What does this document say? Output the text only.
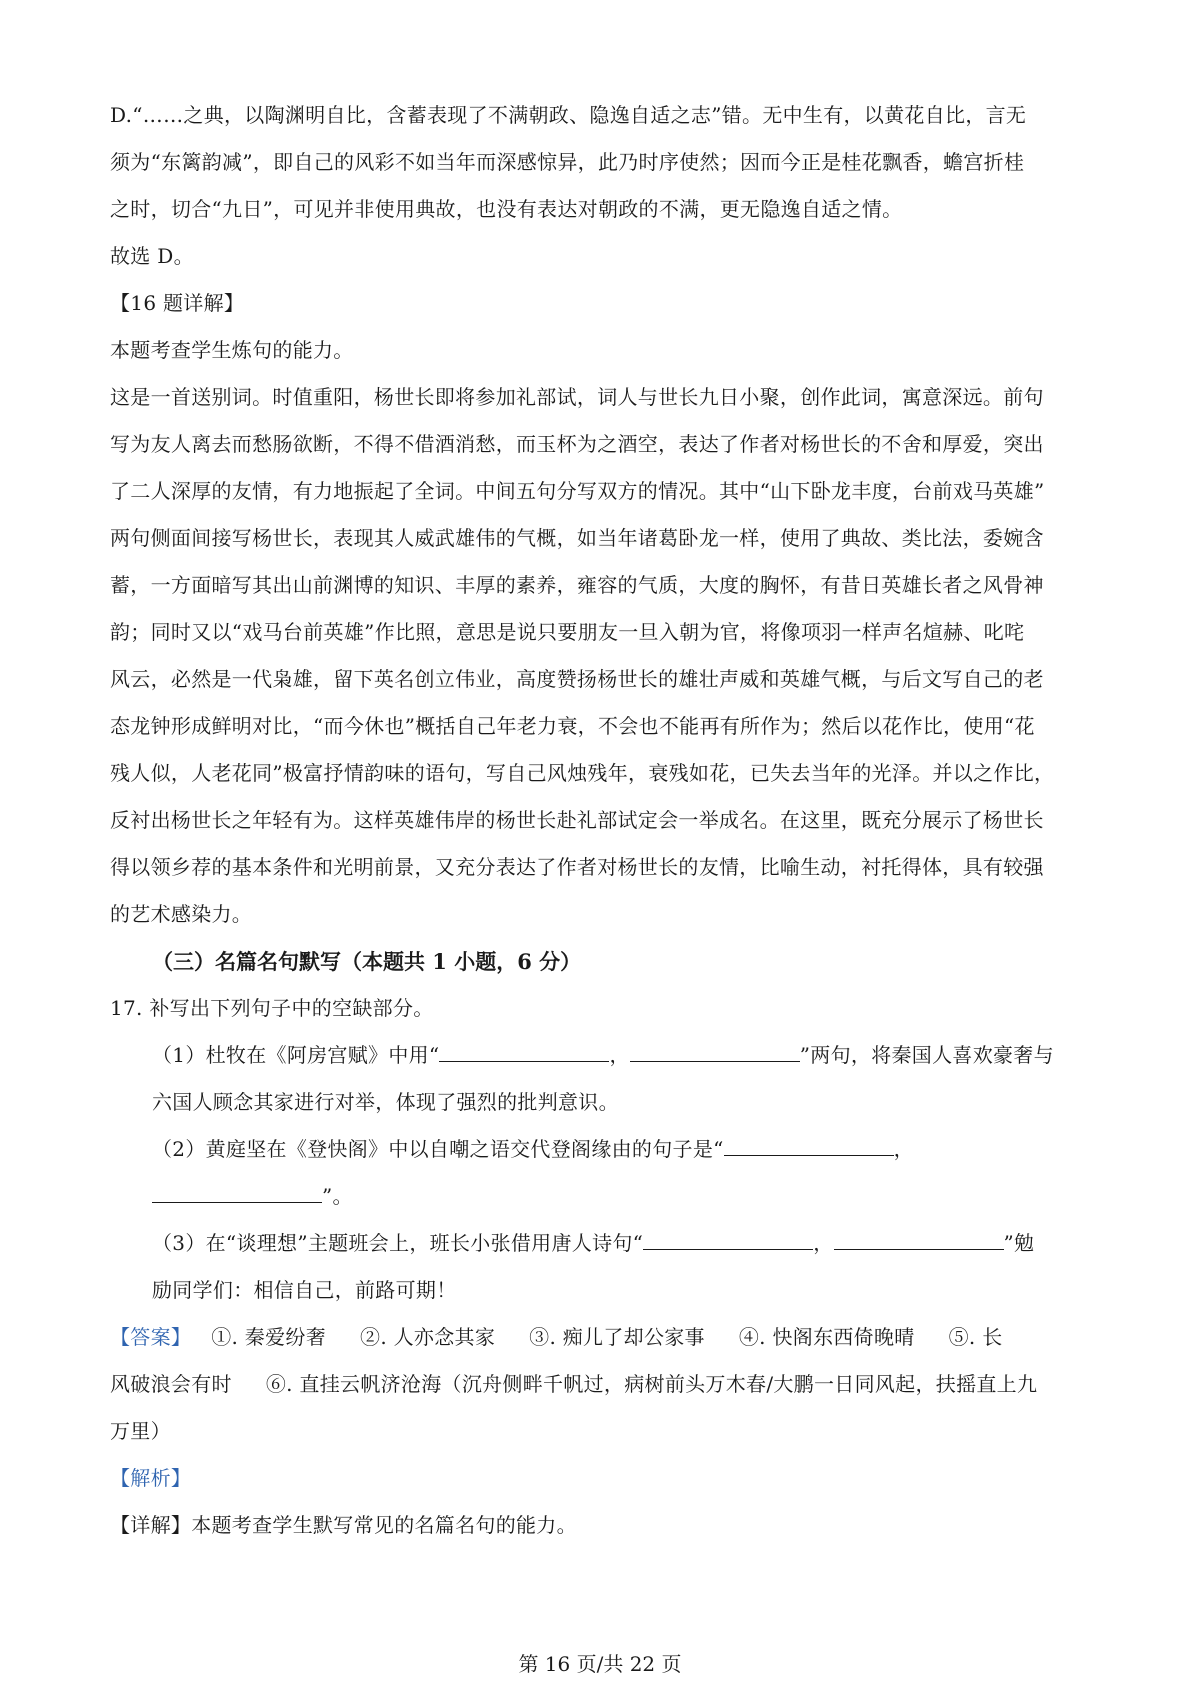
D.“……之典，以陶渊明自比，含蓄表现了不满朝政、隐逸自适之志”错。无中生有，以黄花自比，言无
须为“东篱韵减”，即自己的风彩不如当年而深感惊异，此乃时序使然；因而今正是桂花飘香，蟾宫折桂
之时，切合“九日”，可见并非使用典故，也没有表达对朝政的不满，更无隐逸自适之情。
故选 D。
【16 题详解】
本题考查学生炼句的能力。
这是一首送别词。时值重阳，杨世长即将参加礼部试，词人与世长九日小聚，创作此词，寓意深远。前句
写为友人离去而愁肠欲断，不得不借酒消愁，而玉杯为之酒空，表达了作者对杨世长的不舍和厚爱，突出
了二人深厚的友情，有力地振起了全词。中间五句分写双方的情况。其中“山下卧龙丰度，台前戏马英雄”
两句侧面间接写杨世长，表现其人威武雄伟的气概，如当年诸葛卧龙一样，使用了典故、类比法，委婉含
蓄，一方面暗写其出山前渊博的知识、丰厚的素养，雍容的气质，大度的胸怀，有昔日英雄长者之风骨神
韵；同时又以“戏马台前英雄”作比照，意思是说只要朋友一旦入朝为官，将像项羽一样声名煊赫、叱咤
风云，必然是一代枭雄，留下英名创立伟业，高度赞扬杨世长的雄壮声威和英雄气概，与后文写自己的老
态龙钟形成鲜明对比，“而今休也”概括自己年老力衰，不会也不能再有所作为；然后以花作比，使用“花
残人似，人老花同”极富抒情韵味的语句，写自己风烛残年，衰残如花，已失去当年的光泽。并以之作比，
反衬出杨世长之年轻有为。这样英雄伟岸的杨世长赴礼部试定会一举成名。在这里，既充分展示了杨世长
得以领乡荐的基本条件和光明前景，又充分表达了作者对杨世长的友情，比喻生动，衬托得体，具有较强
的艺术感染力。
（三）名篇名句默写（本题共 1 小题，6 分）
17. 补写出下列句子中的空缺部分。
（1）杜牧在《阿房宫赋》中用“	，	”两句，将秦国人喜欢豪奢与
六国人顾念其家进行对举，体现了强烈的批判意识。
（2）黄庭坚在《登快阁》中以自嘲之语交代登阁缘由的句子是“	，
”。
（3）在“谈理想”主题班会上，班长小张借用唐人诗句“	，	”勉
励同学们：相信自己，前路可期！
【答案】 ①. 秦爱纷奢 ②. 人亦念其家 ③. 痴儿了却公家事 ④. 快阁东西倚晚晴 ⑤. 长
风破浪会有时 ⑥. 直挂云帆济沧海（沉舟侧畔千帆过，病树前头万木春/大鹏一日同风起，扶摇直上九
万里）
【解析】
【详解】本题考查学生默写常见的名篇名句的能力。
第 16 页/共 22 页
